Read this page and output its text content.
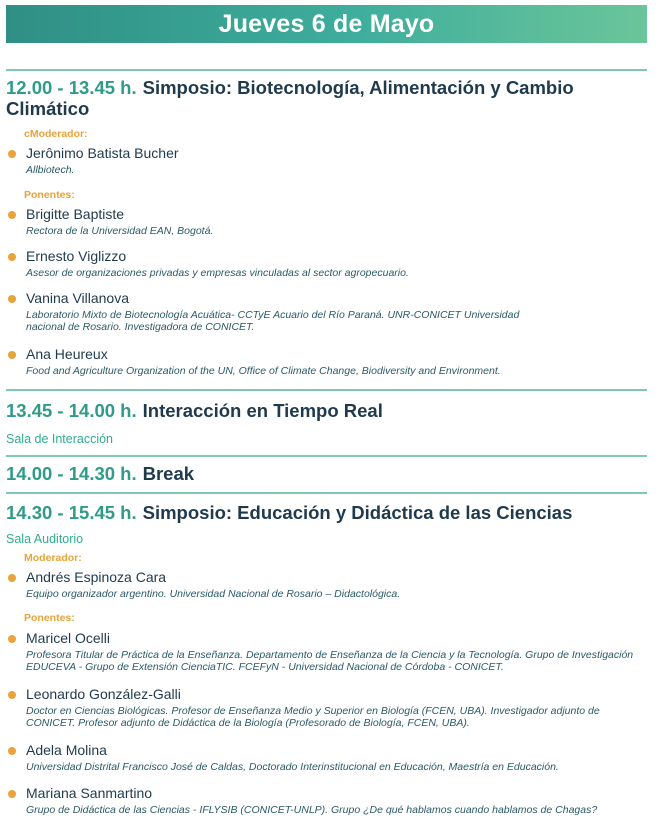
Jueves 6 de Mayo
12.00 - 13.45 h. Simposio: Biotecnología, Alimentación y Cambio Climático
cModerador:
Jerônimo Batista Bucher
Allbiotech.
Ponentes:
Brigitte Baptiste
Rectora de la Universidad EAN, Bogotá.
Ernesto Viglizzo
Asesor de organizaciones privadas y empresas vinculadas al sector agropecuario.
Vanina Villanova
Laboratorio Mixto de Biotecnología Acuática- CCTyE Acuario del Río Paraná. UNR-CONICET Universidad nacional de Rosario. Investigadora de CONICET.
Ana Heureux
Food and Agriculture Organization of the UN, Office of Climate Change, Biodiversity and Environment.
13.45 - 14.00 h. Interacción en Tiempo Real
Sala de Interacción
14.00 - 14.30 h. Break
14.30 - 15.45 h. Simposio: Educación y Didáctica de las Ciencias
Sala Auditorio
Moderador:
Andrés Espinoza Cara
Equipo organizador argentino. Universidad Nacional de Rosario – Didactológica.
Ponentes:
Maricel Ocelli
Profesora Titular de Práctica de la Enseñanza. Departamento de Enseñanza de la Ciencia y la Tecnología. Grupo de Investigación EDUCEVA - Grupo de Extensión CienciaTIC. FCEFyN - Universidad Nacional de Córdoba - CONICET.
Leonardo González-Galli
Doctor en Ciencias Biológicas. Profesor de Enseñanza Medio y Superior en Biología (FCEN, UBA). Investigador adjunto de CONICET. Profesor adjunto de Didáctica de la Biología (Profesorado de Biología, FCEN, UBA).
Adela Molina
Universidad Distrital Francisco José de Caldas, Doctorado Interinstitucional en Educación, Maestría en Educación.
Mariana Sanmartino
Grupo de Didáctica de las Ciencias - IFLYSIB (CONICET-UNLP). Grupo ¿De qué hablamos cuando hablamos de Chagas?
